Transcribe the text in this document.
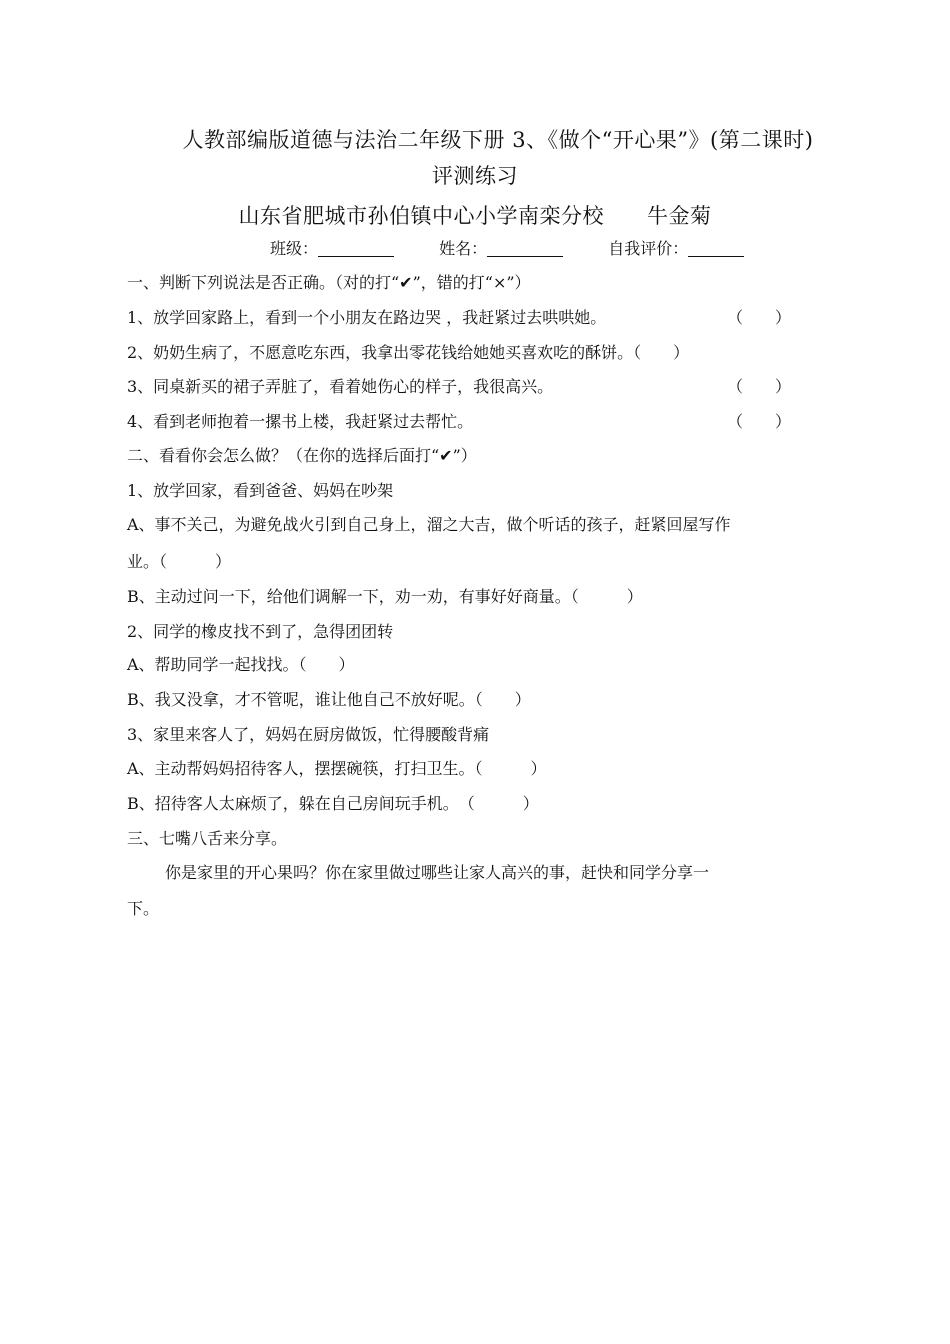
人教部编版道德与法治二年级下册 3、《做个“开心果”》(第二课时)
评测练习
山东省肥城市孙伯镇中心小学南栾分校　　牛金菊
班级：	姓名：	自我评价：
一、判断下列说法是否正确。（对的打“✔”，错的打“×”）
1、放学回家路上，看到一个小朋友在路边哭 ，我赶紧过去哄哄她。	（　　）
2、奶奶生病了，不愿意吃东西，我拿出零花钱给她她买喜欢吃的酥饼。（　　）
3、同桌新买的裙子弄脏了，看着她伤心的样子，我很高兴。	（　　）
4、看到老师抱着一摞书上楼，我赶紧过去帮忙。	（　　）
二、看看你会怎么做？（在你的选择后面打“✔”）
1、放学回家，看到爸爸、妈妈在吵架
A、事不关己，为避免战火引到自己身上，溜之大吉，做个听话的孩子，赶紧回屋写作
业。（　　　）
B、主动过问一下，给他们调解一下，劝一劝，有事好好商量。（　　　）
2、同学的橡皮找不到了，急得团团转
A、帮助同学一起找找。（　　）
B、我又没拿，才不管呢，谁让他自己不放好呢。（　　）
3、家里来客人了，妈妈在厨房做饭，忙得腰酸背痛
A、主动帮妈妈招待客人，摆摆碗筷，打扫卫生。（　　　）
B、招待客人太麻烦了，躲在自己房间玩手机。　（　　　）
三、七嘴八舌来分享。
你是家里的开心果吗？你在家里做过哪些让家人高兴的事，赶快和同学分享一
下。
